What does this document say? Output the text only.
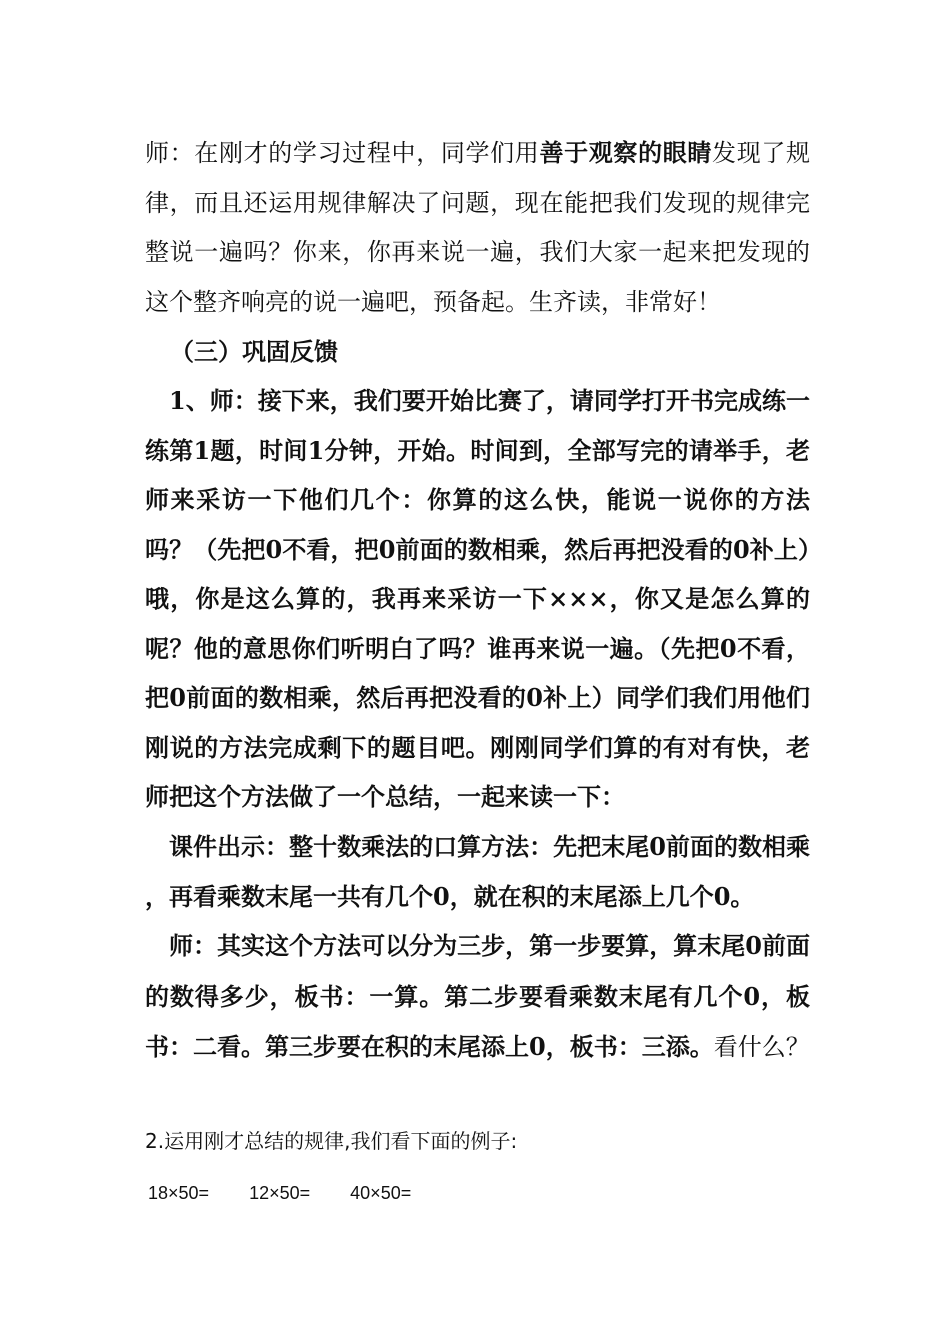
师：在刚才的学习过程中，同学们用善于观察的眼睛发现了规律，而且还运用规律解决了问题，现在能把我们发现的规律完整说一遍吗？你来，你再来说一遍，我们大家一起来把发现的这个整齐响亮的说一遍吧，预备起。生齐读，非常好！

（三）巩固反馈

1、师：接下来，我们要开始比赛了，请同学打开书完成练一练第1题，时间1分钟，开始。时间到，全部写完的请举手，老师来采访一下他们几个：你算的这么快，能说一说你的方法吗？（先把0不看，把0前面的数相乘，然后再把没看的0补上）哦，你是这么算的，我再来采访一下×××，你又是怎么算的呢？他的意思你们听明白了吗？谁再来说一遍。（先把0不看，把0前面的数相乘，然后再把没看的0补上）同学们我们用他们刚说的方法完成剩下的题目吧。刚刚同学们算的有对有快，老师把这个方法做了一个总结，一起来读一下：

课件出示：整十数乘法的口算方法：先把末尾0前面的数相乘 ，再看乘数末尾一共有几个0，就在积的末尾添上几个0。

师：其实这个方法可以分为三步，第一步要算，算末尾0前面的数得多少，板书：一算。第二步要看乘数末尾有几个0，板书：二看。第三步要在积的末尾添上0，板书：三添。看什么？

2.运用刚才总结的规律,我们看下面的例子:

18×50= 12×50= 40×50=
